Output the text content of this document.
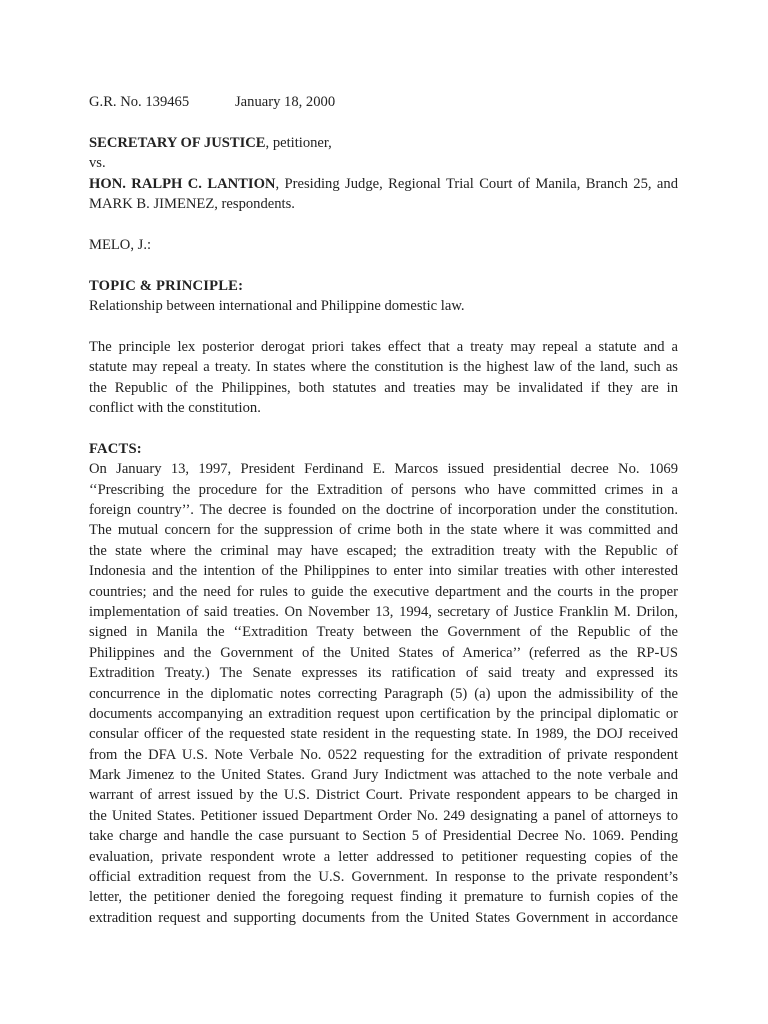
G.R. No. 139465	January 18, 2000
SECRETARY OF JUSTICE, petitioner,
vs.
HON. RALPH C. LANTION, Presiding Judge, Regional Trial Court of Manila, Branch 25, and
MARK B. JIMENEZ, respondents.
MELO, J.:
TOPIC & PRINCIPLE:
Relationship between international and Philippine domestic law.
The principle lex posterior derogat priori takes effect that a treaty may repeal a statute and a
statute may repeal a treaty. In states where the constitution is the highest law of the land, such as
the Republic of the Philippines, both statutes and treaties may be invalidated if they are in
conflict with the constitution.
FACTS:
On January 13, 1997, President Ferdinand E. Marcos issued presidential decree No. 1069
‘‘Prescribing the procedure for the Extradition of persons who have committed crimes in a
foreign country’’. The decree is founded on the doctrine of incorporation under the constitution.
The mutual concern for the suppression of crime both in the state where it was committed and
the state where the criminal may have escaped; the extradition treaty with the Republic of
Indonesia and the intention of the Philippines to enter into similar treaties with other interested
countries; and the need for rules to guide the executive department and the courts in the proper
implementation of said treaties. On November 13, 1994, secretary of Justice Franklin M. Drilon,
signed in Manila the ‘‘Extradition Treaty between the Government of the Republic of the
Philippines and the Government of the United States of America’’ (referred as the RP-US
Extradition Treaty.) The Senate expresses its ratification of said treaty and expressed its
concurrence in the diplomatic notes correcting Paragraph (5) (a) upon the admissibility of the
documents accompanying an extradition request upon certification by the principal diplomatic or
consular officer of the requested state resident in the requesting state. In 1989, the DOJ received
from the DFA U.S. Note Verbale No. 0522 requesting for the extradition of private respondent
Mark Jimenez to the United States. Grand Jury Indictment was attached to the note verbale and
warrant of arrest issued by the U.S. District Court. Private respondent appears to be charged in
the United States. Petitioner issued Department Order No. 249 designating a panel of attorneys to
take charge and handle the case pursuant to Section 5 of Presidential Decree No. 1069. Pending
evaluation, private respondent wrote a letter addressed to petitioner requesting copies of the
official extradition request from the U.S. Government. In response to the private respondent’s
letter, the petitioner denied the foregoing request finding it premature to furnish copies of the
extradition request and supporting documents from the United States Government in accordance
